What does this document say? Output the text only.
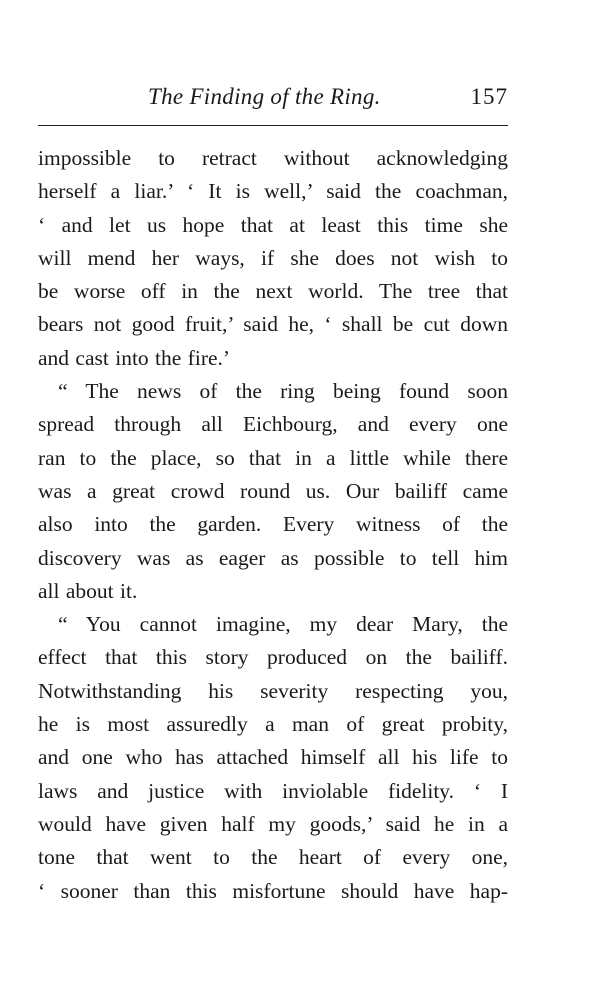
The Finding of the Ring.	157
impossible to retract without acknowledging
herself a liar.’ ‘ It is well,’ said the coachman,
‘ and let us hope that at least this time she
will mend her ways, if she does not wish to
be worse off in the next world. The tree that
bears not good fruit,’ said he, ‘ shall be cut down
and cast into the fire.’
“ The news of the ring being found soon
spread through all Eichbourg, and every one
ran to the place, so that in a little while there
was a great crowd round us. Our bailiff came
also into the garden. Every witness of the
discovery was as eager as possible to tell him
all about it.
“ You cannot imagine, my dear Mary, the
effect that this story produced on the bailiff.
Notwithstanding his severity respecting you,
he is most assuredly a man of great probity,
and one who has attached himself all his life to
laws and justice with inviolable fidelity. ‘ I
would have given half my goods,’ said he in a
tone that went to the heart of every one,
‘ sooner than this misfortune should have hap-
